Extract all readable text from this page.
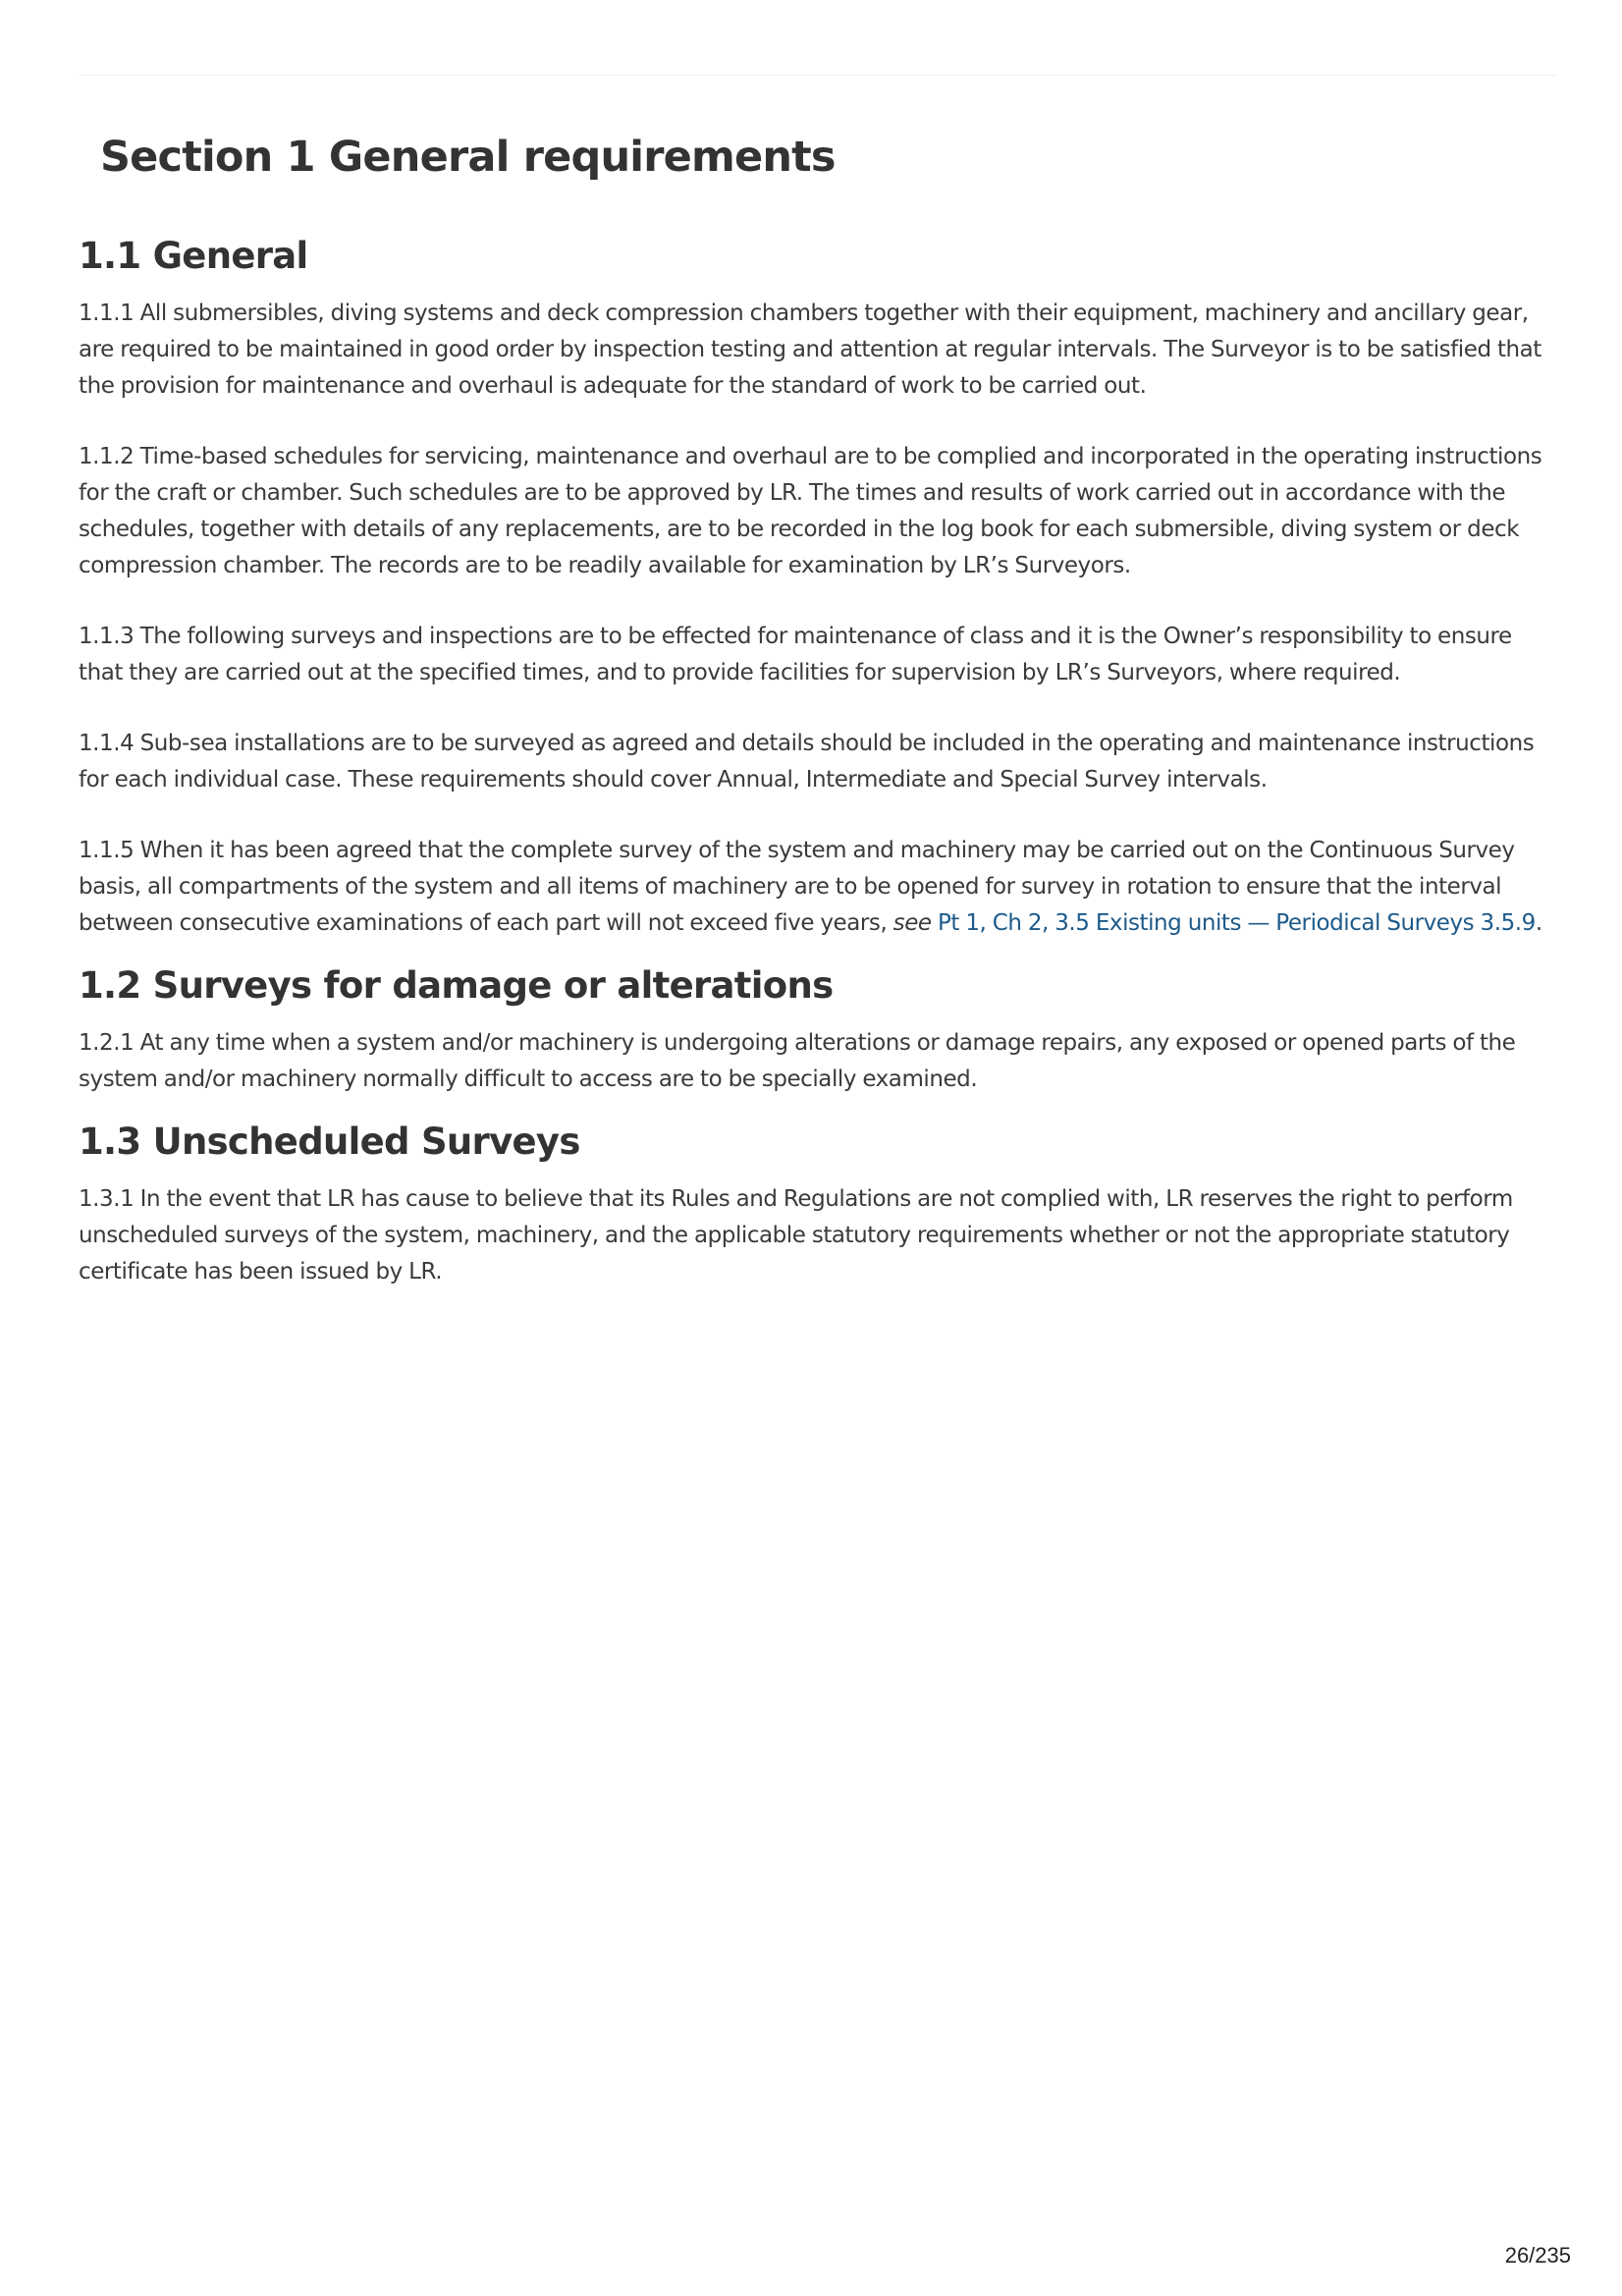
Section 1 General requirements
1.1 General

1.1.1 All submersibles, diving systems and deck compression chambers together with their equipment, machinery and ancillary gear, are required to be maintained in good order by inspection testing and attention at regular intervals. The Surveyor is to be satisfied that the provision for maintenance and overhaul is adequate for the standard of work to be carried out.

1.1.2 Time-based schedules for servicing, maintenance and overhaul are to be complied and incorporated in the operating instructions for the craft or chamber. Such schedules are to be approved by LR. The times and results of work carried out in accordance with the schedules, together with details of any replacements, are to be recorded in the log book for each submersible, diving system or deck compression chamber. The records are to be readily available for examination by LR’s Surveyors.

1.1.3 The following surveys and inspections are to be effected for maintenance of class and it is the Owner’s responsibility to ensure that they are carried out at the specified times, and to provide facilities for supervision by LR’s Surveyors, where required.

1.1.4 Sub-sea installations are to be surveyed as agreed and details should be included in the operating and maintenance instructions for each individual case. These requirements should cover Annual, Intermediate and Special Survey intervals.

1.1.5 When it has been agreed that the complete survey of the system and machinery may be carried out on the Continuous Survey basis, all compartments of the system and all items of machinery are to be opened for survey in rotation to ensure that the interval between consecutive examinations of each part will not exceed five years, see Pt 1, Ch 2, 3.5 Existing units — Periodical Surveys 3.5.9.

1.2 Surveys for damage or alterations

1.2.1 At any time when a system and/or machinery is undergoing alterations or damage repairs, any exposed or opened parts of the system and/or machinery normally difficult to access are to be specially examined.

1.3 Unscheduled Surveys

1.3.1 In the event that LR has cause to believe that its Rules and Regulations are not complied with, LR reserves the right to perform unscheduled surveys of the system, machinery, and the applicable statutory requirements whether or not the appropriate statutory certificate has been issued by LR.

26/235
